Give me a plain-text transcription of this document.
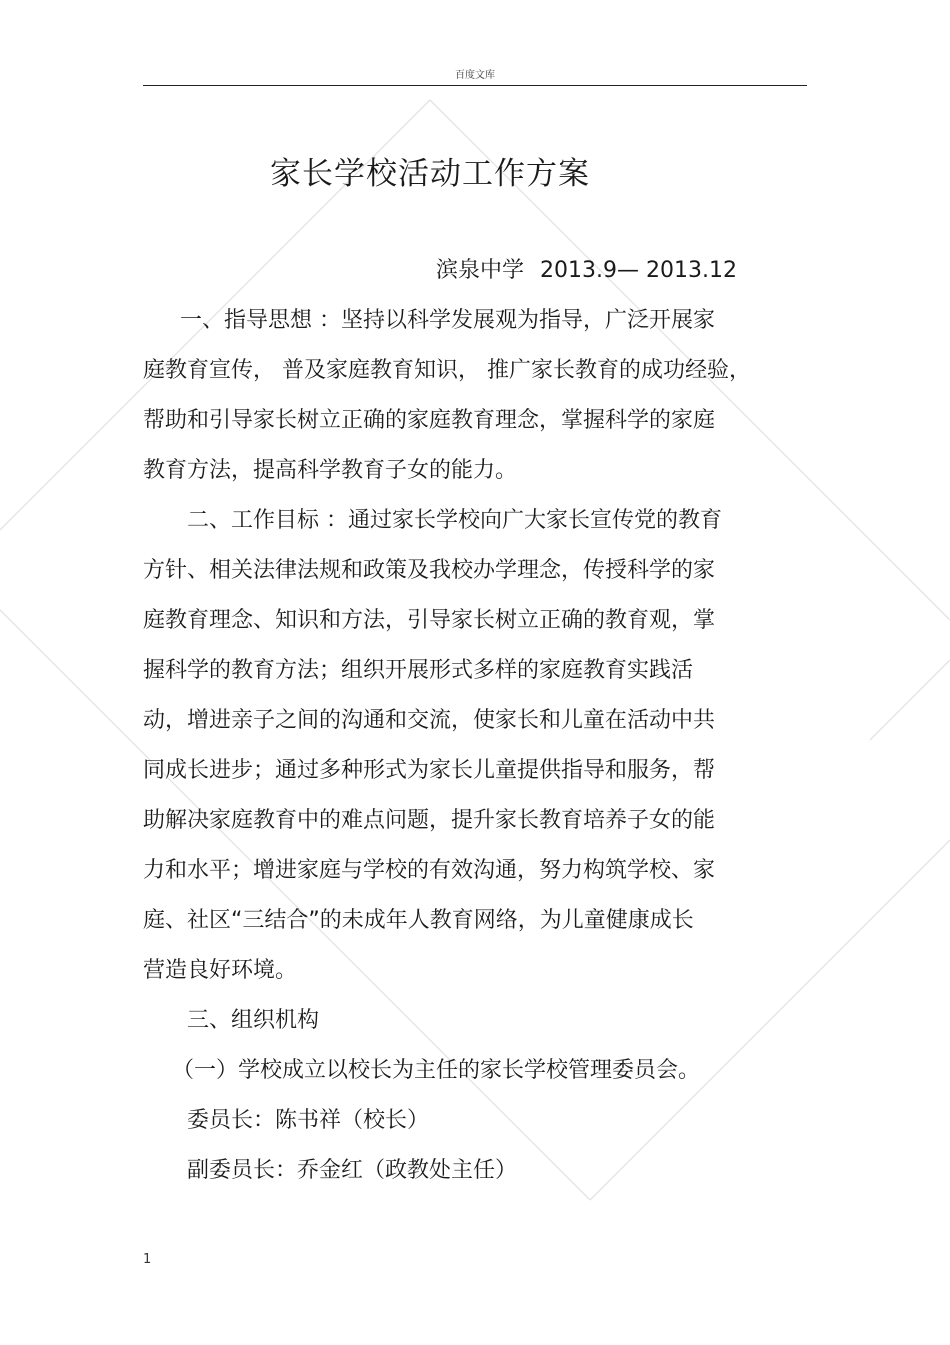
百度文库
家长学校活动工作方案
滨泉中学 2013.9— 2013.12
一、指导思想 ：坚持以科学发展观为指导，广泛开展家
庭教育宣传， 普及家庭教育知识， 推广家长教育的成功经验，
帮助和引导家长树立正确的家庭教育理念，掌握科学的家庭
教育方法，提高科学教育子女的能力。
二、工作目标 ：通过家长学校向广大家长宣传党的教育
方针、相关法律法规和政策及我校办学理念，传授科学的家
庭教育理念、知识和方法，引导家长树立正确的教育观，掌
握科学的教育方法；组织开展形式多样的家庭教育实践活
动，增进亲子之间的沟通和交流，使家长和儿童在活动中共
同成长进步；通过多种形式为家长儿童提供指导和服务，帮
助解决家庭教育中的难点问题，提升家长教育培养子女的能
力和水平；增进家庭与学校的有效沟通，努力构筑学校、家
庭、社区“三结合”的未成年人教育网络，为儿童健康成长
营造良好环境。
三、组织机构
（一）学校成立以校长为主任的家长学校管理委员会。
委员长：陈书祥（校长）
副委员长：乔金红（政教处主任）
1
